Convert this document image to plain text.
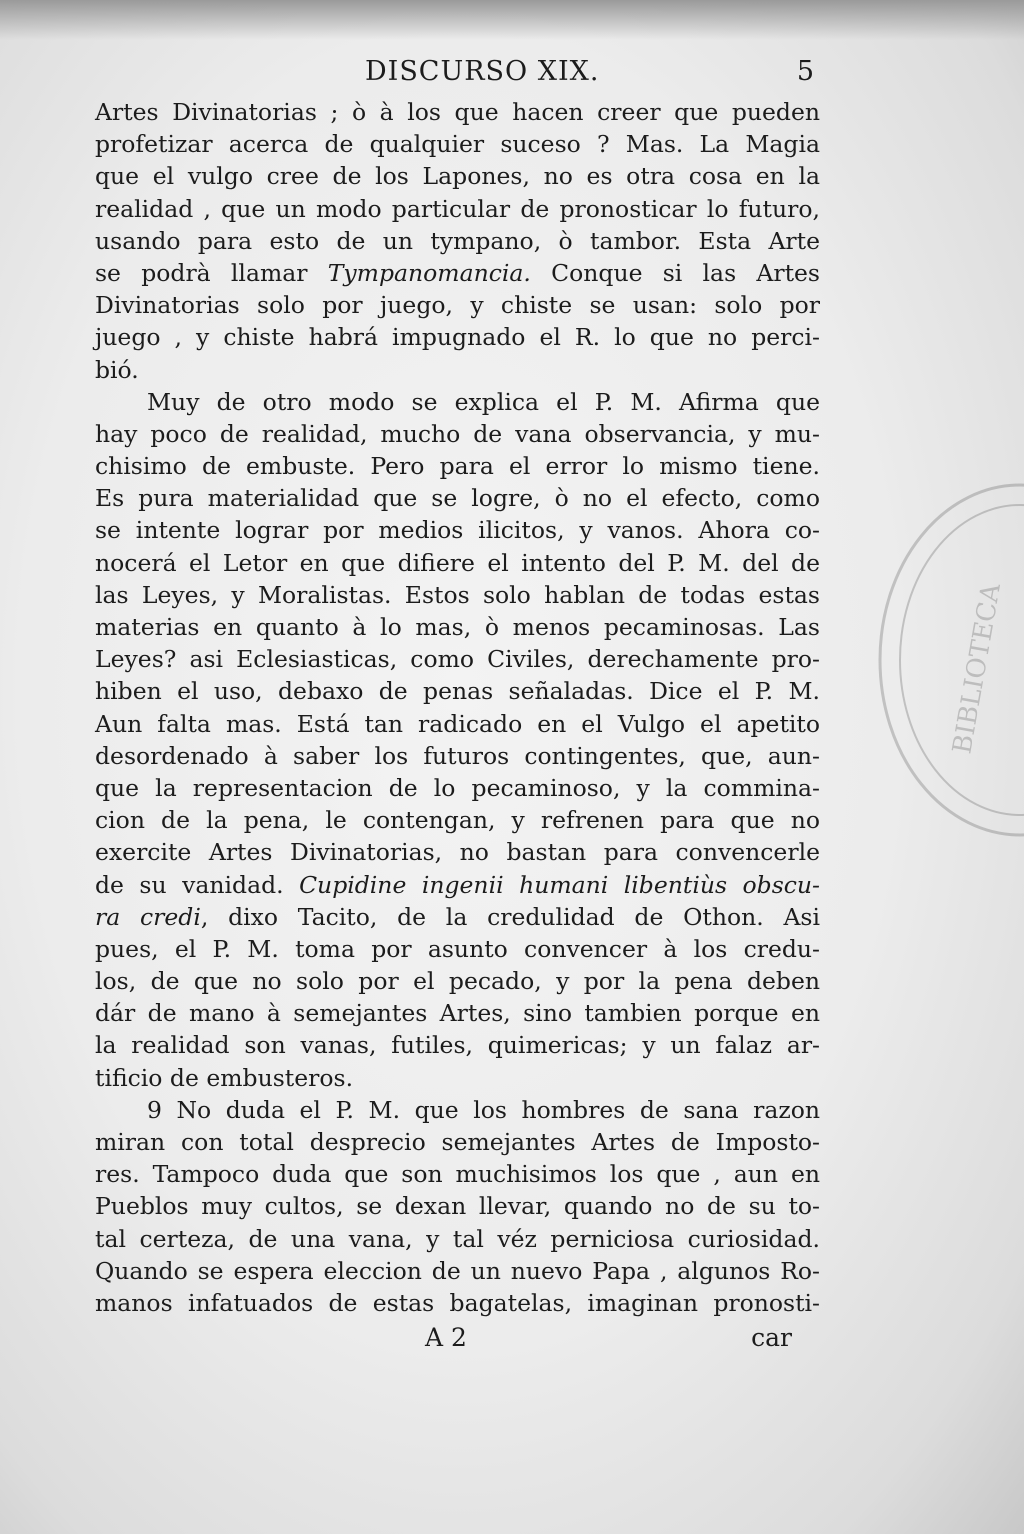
BIBLIOTECA
DISCURSO XIX.	5
Artes Divinatorias ; ò à los que hacen creer que pueden
profetizar acerca de qualquier suceso ? Mas. La Magia
que el vulgo cree de los Lapones, no es otra cosa en la
realidad , que un modo particular de pronosticar lo futuro,
usando para esto de un tympano, ò tambor. Esta Arte
se podrà llamar Tympanomancia. Conque si las Artes
Divinatorias solo por juego, y chiste se usan: solo por
juego , y chiste habrá impugnado el R. lo que no perci-
bió.
Muy de otro modo se explica el P. M. Afirma que
hay poco de realidad, mucho de vana observancia, y mu-
chisimo de embuste. Pero para el error lo mismo tiene.
Es pura materialidad que se logre, ò no el efecto, como
se intente lograr por medios ilicitos, y vanos. Ahora co-
nocerá el Letor en que difiere el intento del P. M. del de
las Leyes, y Moralistas. Estos solo hablan de todas estas
materias en quanto à lo mas, ò menos pecaminosas. Las
Leyes? asi Eclesiasticas, como Civiles, derechamente pro-
hiben el uso, debaxo de penas señaladas. Dice el P. M.
Aun falta mas. Está tan radicado en el Vulgo el apetito
desordenado à saber los futuros contingentes, que, aun-
que la representacion de lo pecaminoso, y la commina-
cion de la pena, le contengan, y refrenen para que no
exercite Artes Divinatorias, no bastan para convencerle
de su vanidad. Cupidine ingenii humani libentiùs obscu-
ra credi, dixo Tacito, de la credulidad de Othon. Asi
pues, el P. M. toma por asunto convencer à los credu-
los, de que no solo por el pecado, y por la pena deben
dár de mano à semejantes Artes, sino tambien porque en
la realidad son vanas, futiles, quimericas; y un falaz ar-
tificio de embusteros.
9 No duda el P. M. que los hombres de sana razon
miran con total desprecio semejantes Artes de Imposto-
res. Tampoco duda que son muchisimos los que , aun en
Pueblos muy cultos, se dexan llevar, quando no de su to-
tal certeza, de una vana, y tal véz perniciosa curiosidad.
Quando se espera eleccion de un nuevo Papa , algunos Ro-
manos infatuados de estas bagatelas, imaginan pronosti-
A 2	car
